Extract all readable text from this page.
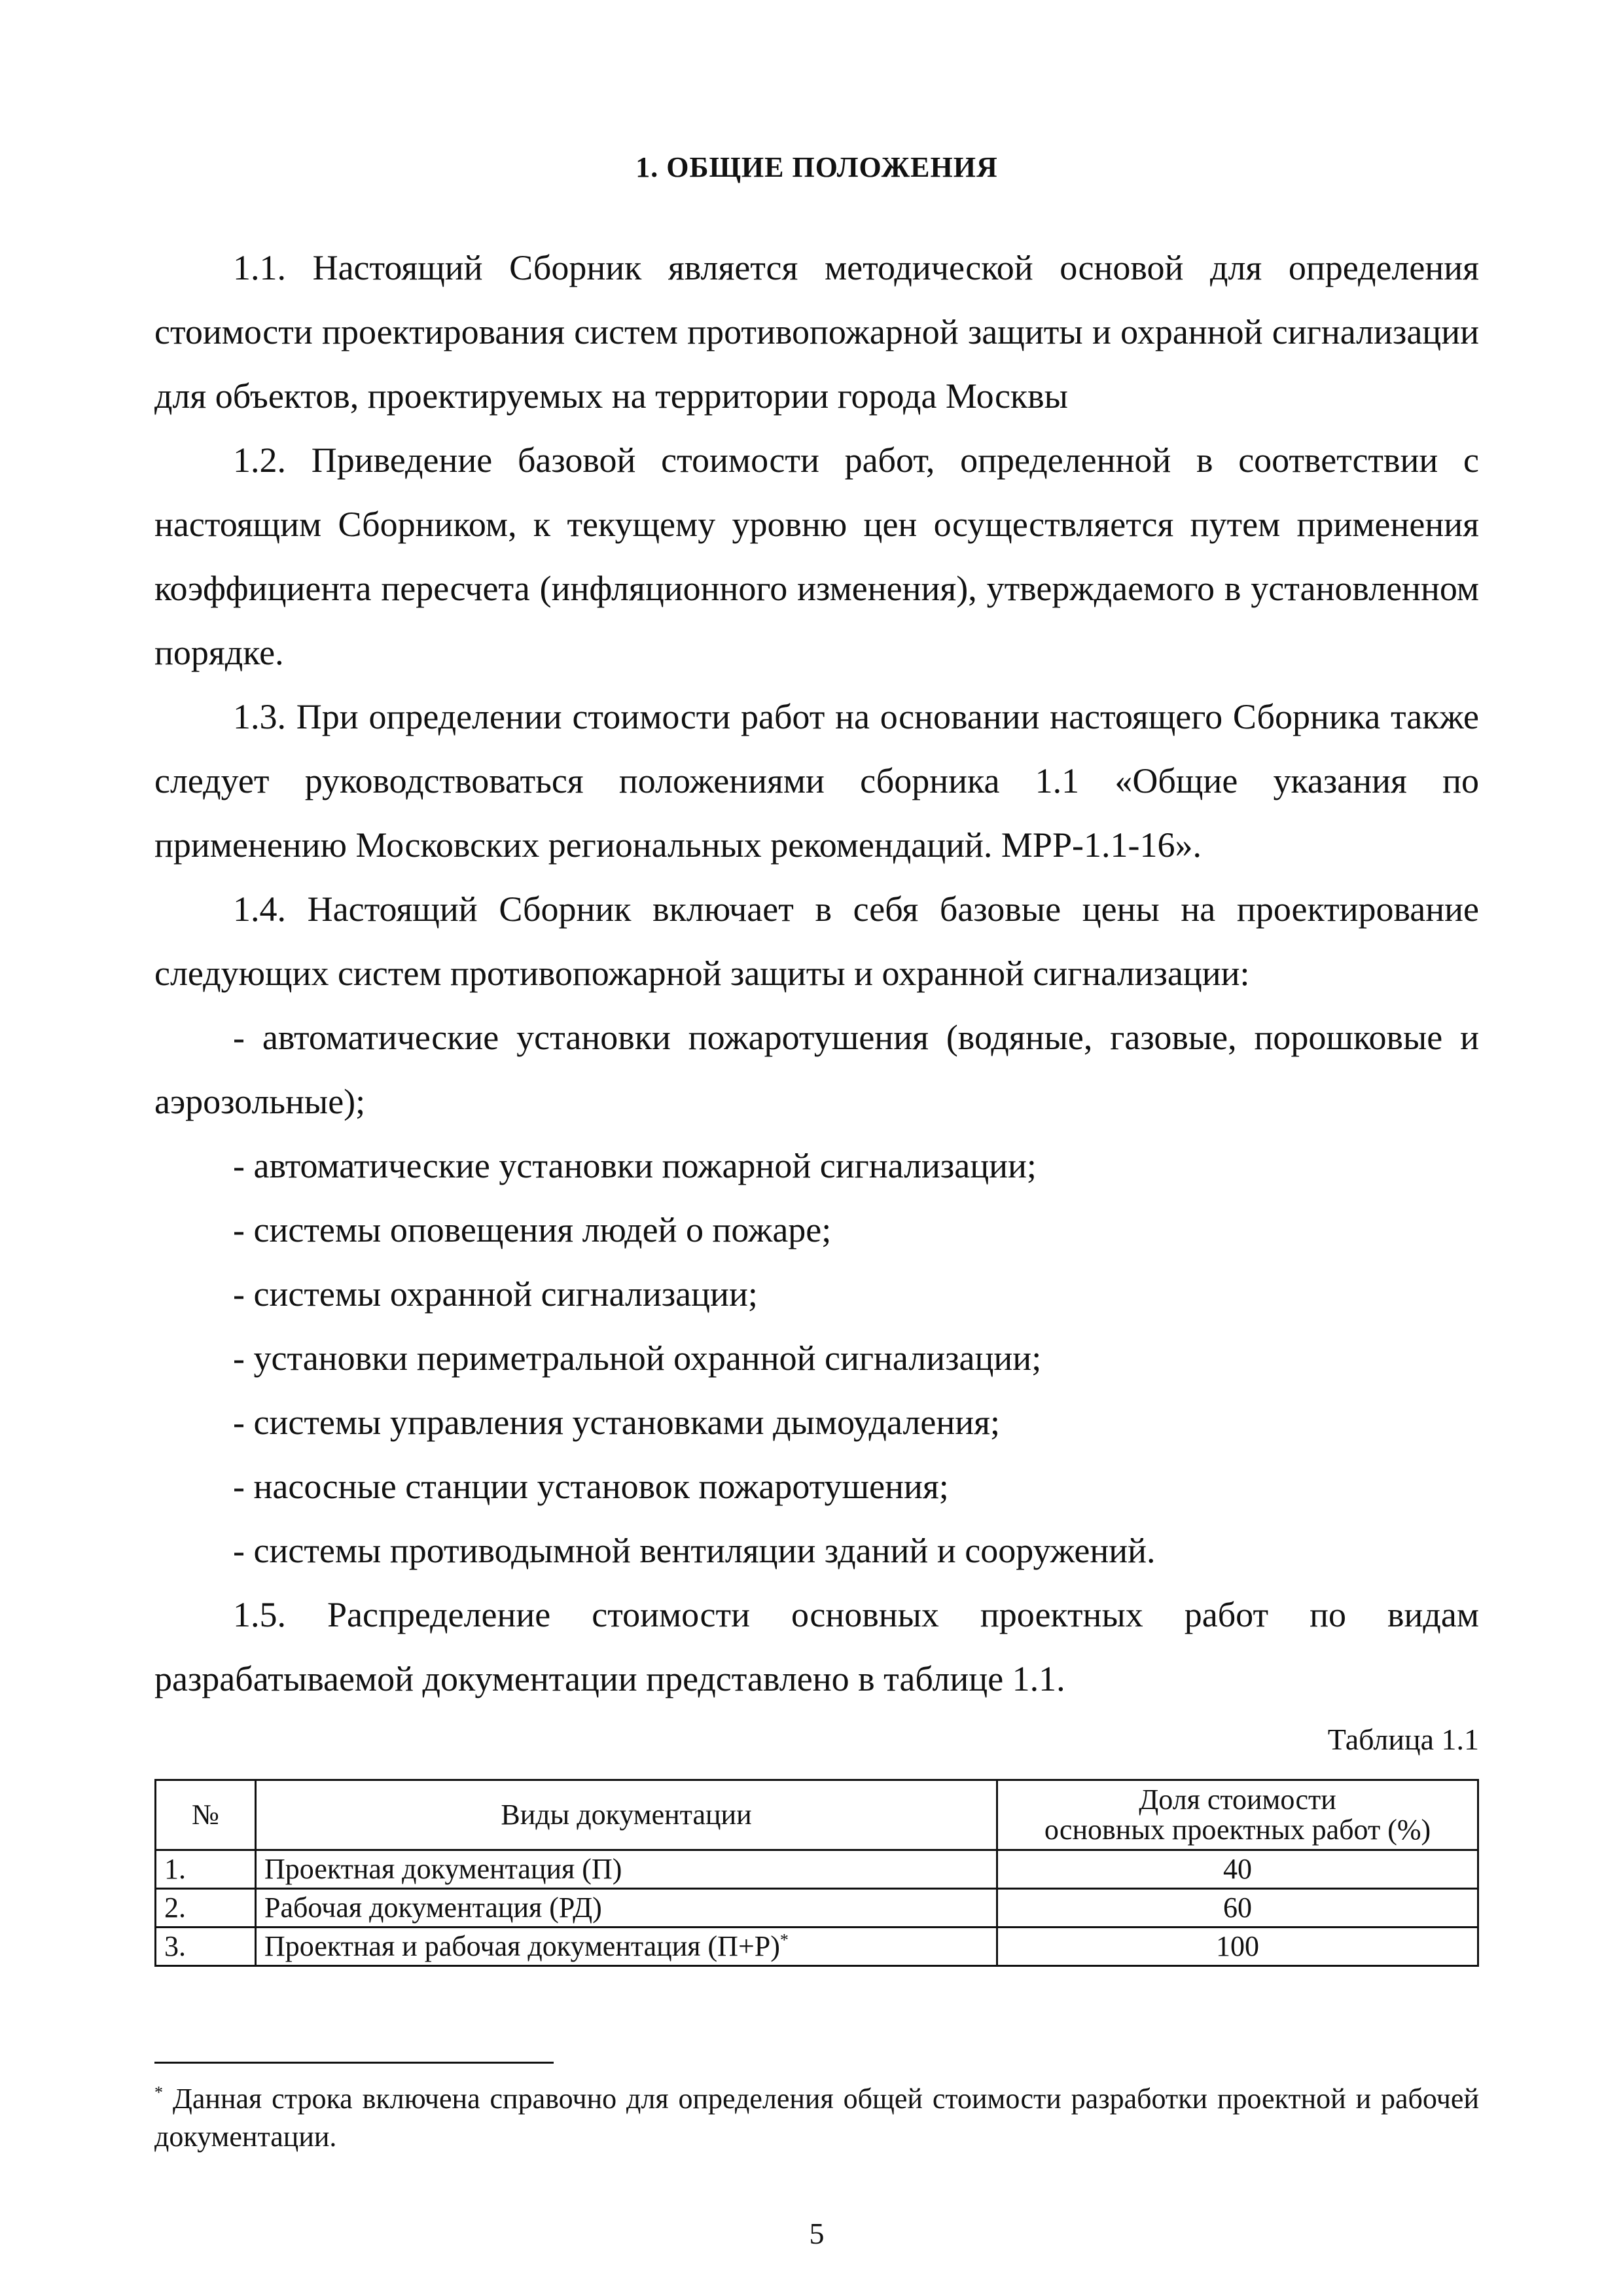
1. ОБЩИЕ ПОЛОЖЕНИЯ

1.1. Настоящий Сборник является методической основой для определения стоимости проектирования систем противопожарной защиты и охранной сигнализации для объектов, проектируемых на территории города Москвы

1.2. Приведение базовой стоимости работ, определенной в соответствии с настоящим Сборником, к текущему уровню цен осуществляется путем применения коэффициента пересчета (инфляционного изменения), утверждаемого в установленном порядке.

1.3. При определении стоимости работ на основании настоящего Сборника также следует руководствоваться положениями сборника 1.1 «Общие указания по применению Московских региональных рекомендаций. МРР-1.1-16».

1.4. Настоящий Сборник включает в себя базовые цены на проектирование следующих систем противопожарной защиты и охранной сигнализации:

- автоматические установки пожаротушения (водяные, газовые, порошковые и аэрозольные);

- автоматические установки пожарной сигнализации;

- системы оповещения людей о пожаре;

- системы охранной сигнализации;

- установки периметральной охранной сигнализации;

- системы управления установками дымоудаления;

- насосные станции установок пожаротушения;

- системы противодымной вентиляции зданий и сооружений.

1.5. Распределение стоимости основных проектных работ по видам разрабатываемой документации представлено в таблице 1.1.

Таблица 1.1
№	Виды документации	Доля стоимости
основных проектных работ (%)
1.	Проектная документация (П)	40
2.	Рабочая документация (РД)	60
3.	Проектная и рабочая документация (П+Р)*	100
* Данная строка включена справочно для определения общей стоимости разработки проектной и рабочей документации.
5
